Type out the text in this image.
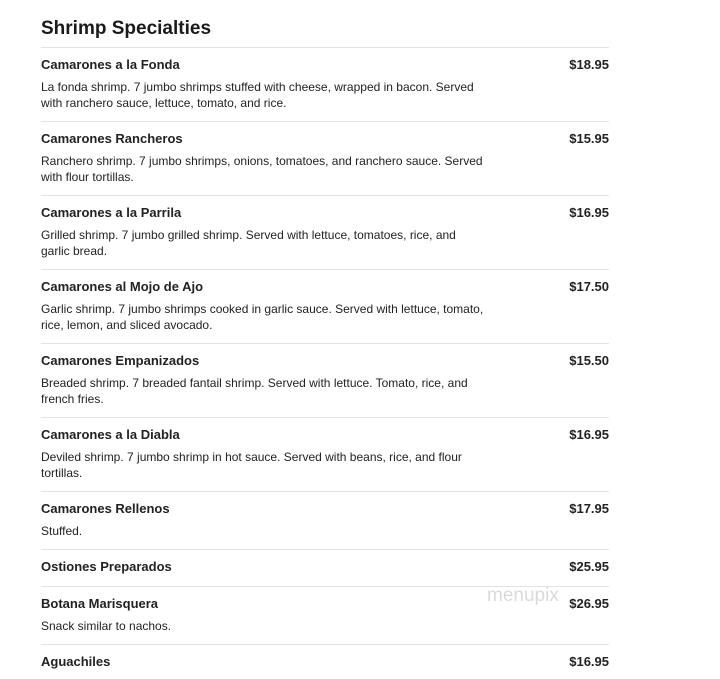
Shrimp Specialties
Camarones a la Fonda	$18.95
La fonda shrimp. 7 jumbo shrimps stuffed with cheese, wrapped in bacon. Served with ranchero sauce, lettuce, tomato, and rice.
Camarones Rancheros	$15.95
Ranchero shrimp. 7 jumbo shrimps, onions, tomatoes, and ranchero sauce. Served with flour tortillas.
Camarones a la Parrila	$16.95
Grilled shrimp. 7 jumbo grilled shrimp. Served with lettuce, tomatoes, rice, and garlic bread.
Camarones al Mojo de Ajo	$17.50
Garlic shrimp. 7 jumbo shrimps cooked in garlic sauce. Served with lettuce, tomato, rice, lemon, and sliced avocado.
Camarones Empanizados	$15.50
Breaded shrimp. 7 breaded fantail shrimp. Served with lettuce. Tomato, rice, and french fries.
Camarones a la Diabla	$16.95
Deviled shrimp. 7 jumbo shrimp in hot sauce. Served with beans, rice, and flour tortillas.
Camarones Rellenos	$17.95
Stuffed.
Ostiones Preparados	$25.95
Botana Marisquera	$26.95
Snack similar to nachos.
Aguachiles	$16.95
menupix
